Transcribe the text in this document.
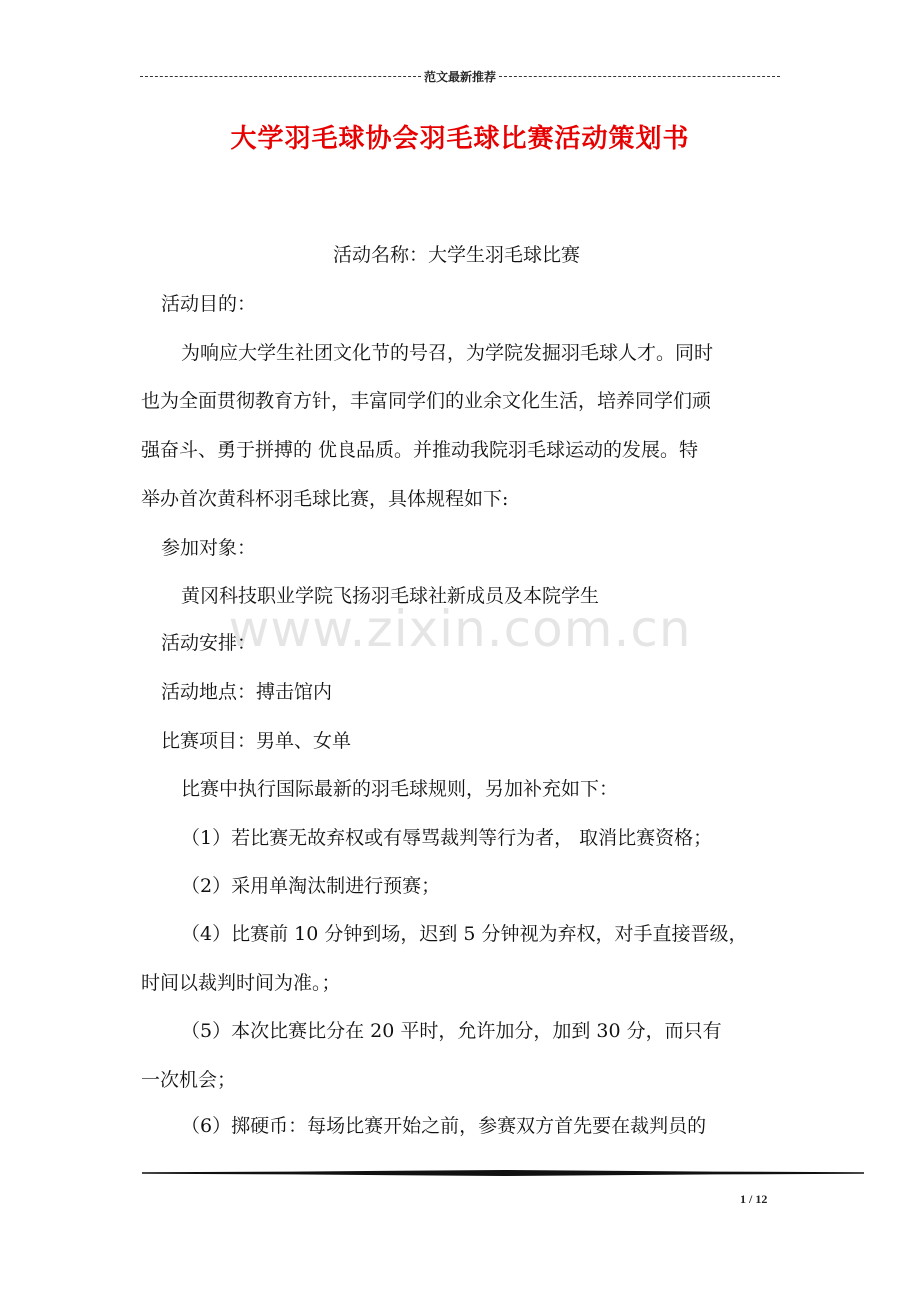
范文最新推荐
大学羽毛球协会羽毛球比赛活动策划书
活动名称：大学生羽毛球比赛
活动目的：
为响应大学生社团文化节的号召，为学院发掘羽毛球人才。同时
也为全面贯彻教育方针，丰富同学们的业余文化生活，培养同学们顽
强奋斗、勇于拼搏的 优良品质。并推动我院羽毛球运动的发展。特
举办首次黄科杯羽毛球比赛，具体规程如下:
参加对象：
黄冈科技职业学院飞扬羽毛球社新成员及本院学生
活动安排：
活动地点：搏击馆内
比赛项目：男单、女单
比赛中执行国际最新的羽毛球规则，另加补充如下：
（1）若比赛无故弃权或有辱骂裁判等行为者， 取消比赛资格；
（2）采用单淘汰制进行预赛；
（4）比赛前 10 分钟到场，迟到 5 分钟视为弃权，对手直接晋级，
时间以裁判时间为准。；
（5）本次比赛比分在 20 平时，允许加分，加到 30 分，而只有
一次机会；
（6）掷硬币：每场比赛开始之前，参赛双方首先要在裁判员的
www.zixin.com.cn
1 / 12
